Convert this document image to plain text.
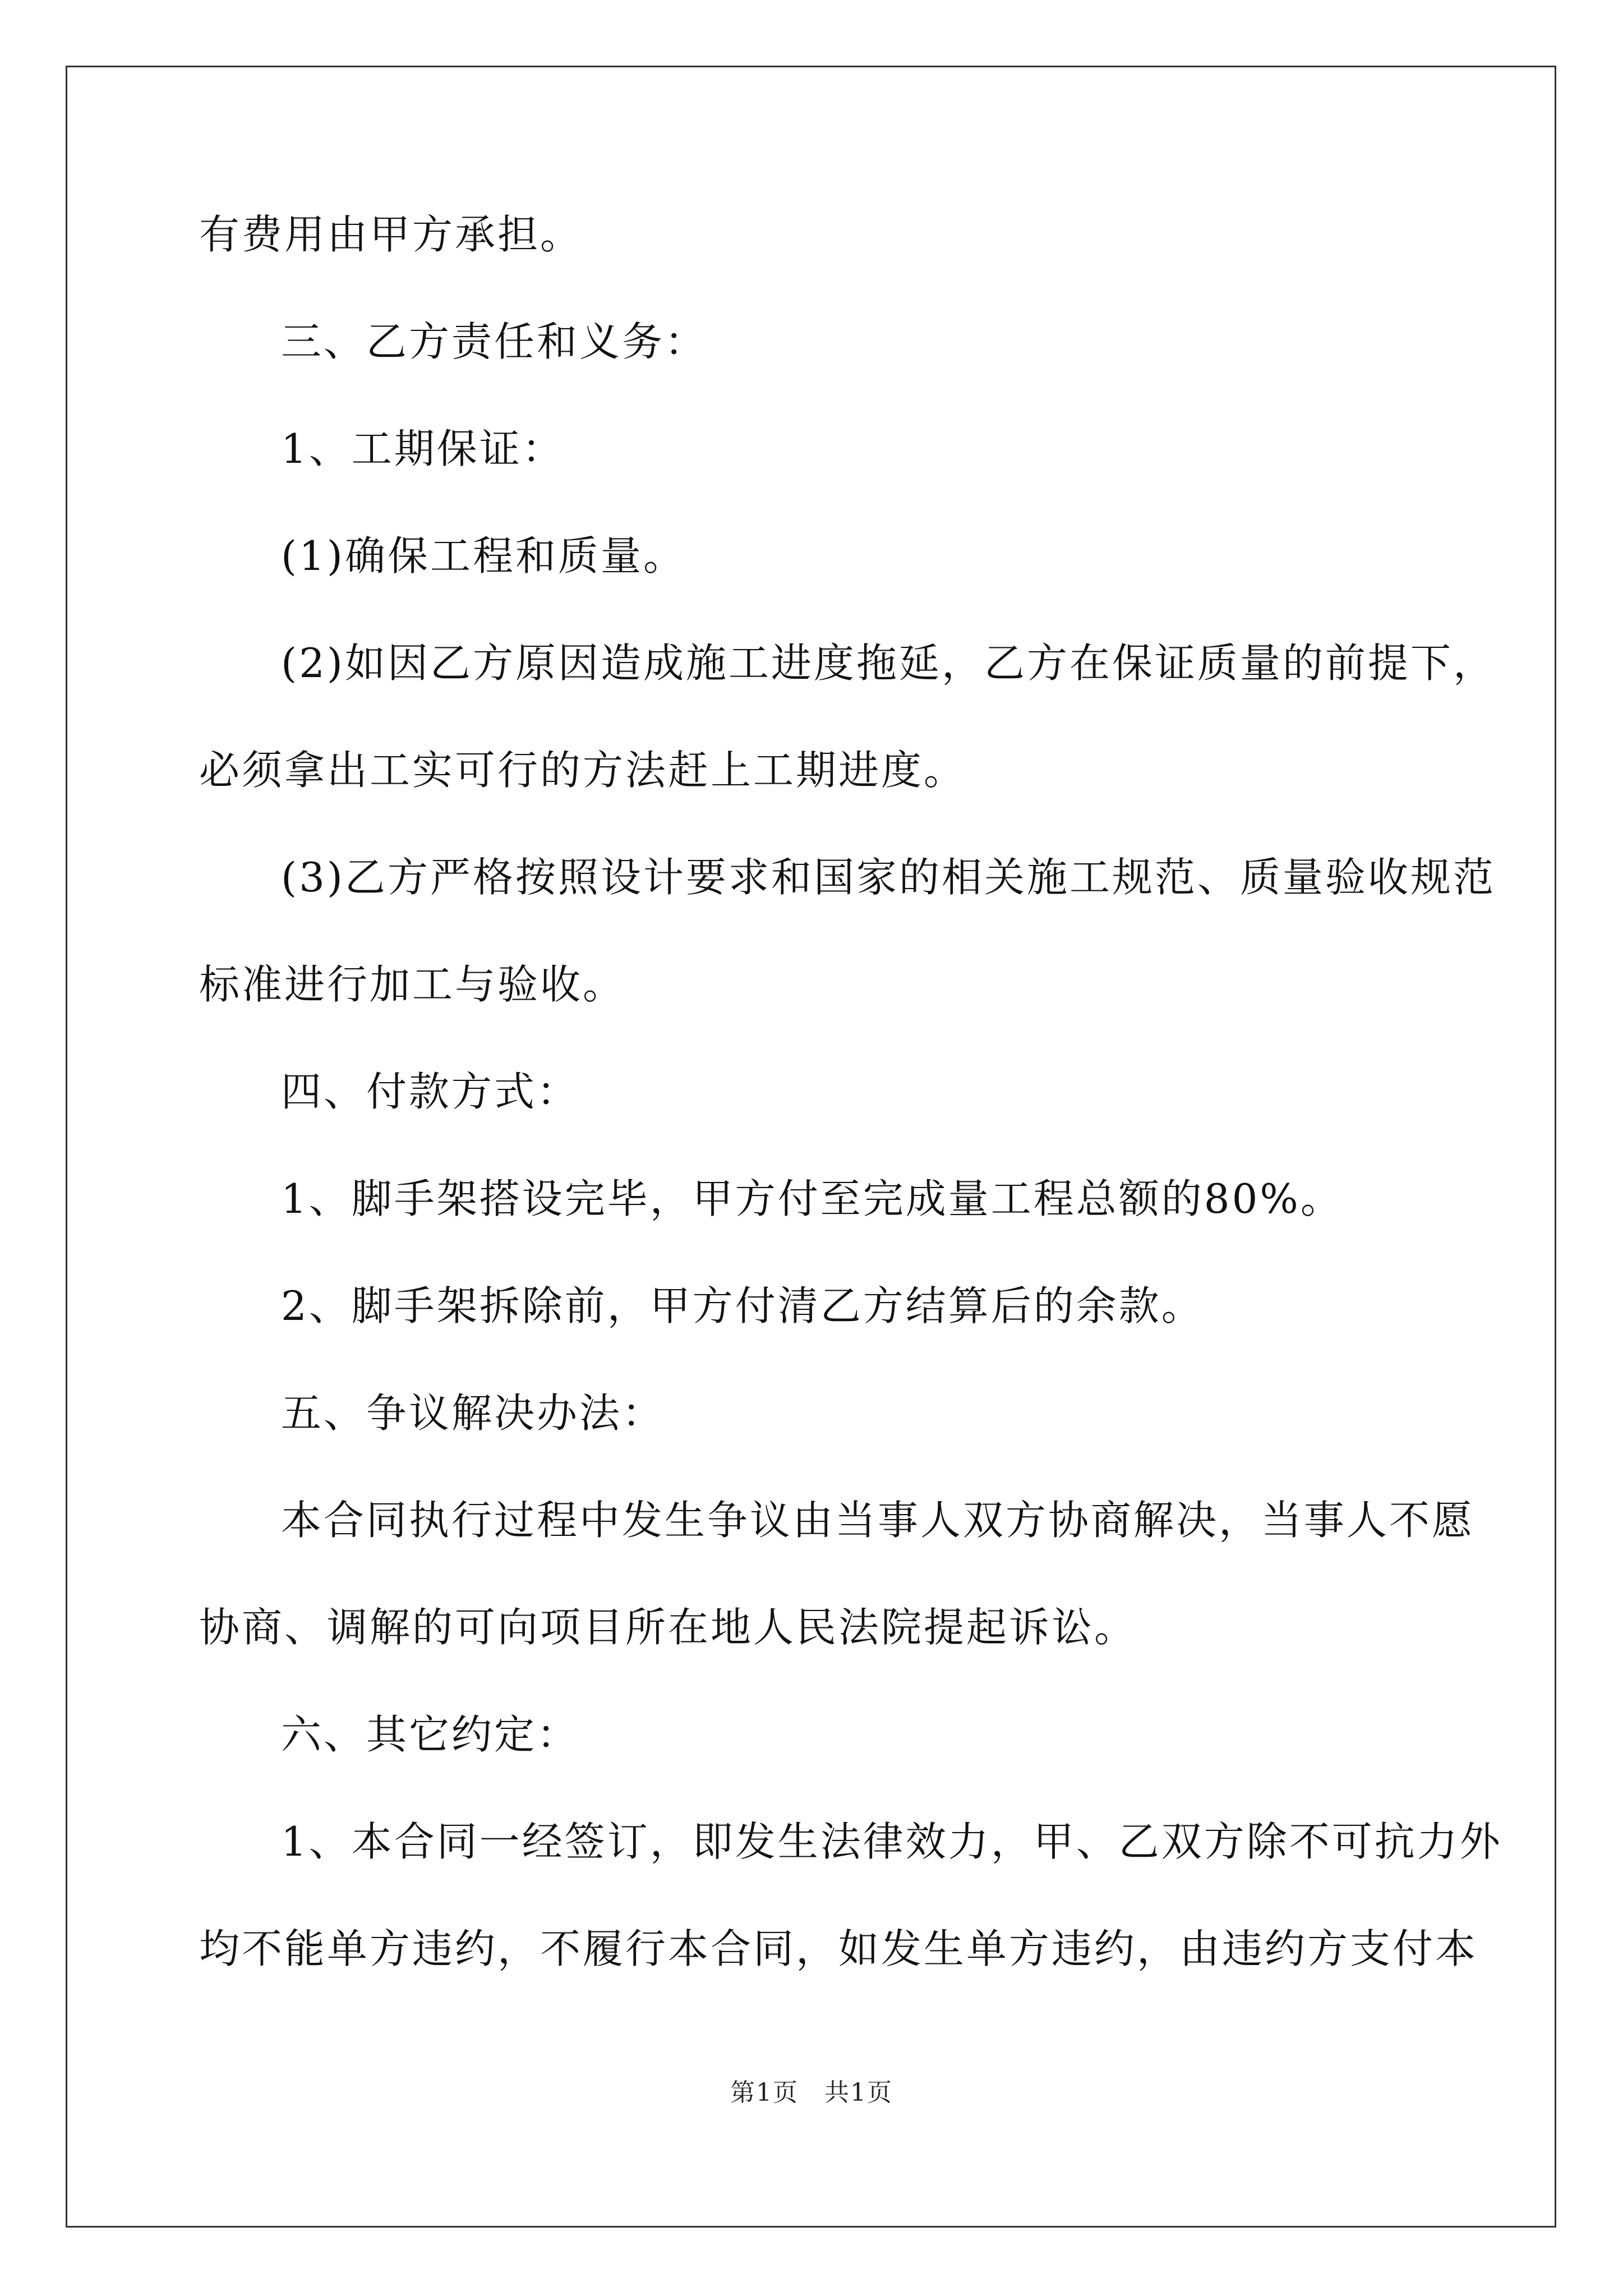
有费用由甲方承担。
三、乙方责任和义务：
1、工期保证：
(1)确保工程和质量。
(2)如因乙方原因造成施工进度拖延，乙方在保证质量的前提下，
必须拿出工实可行的方法赶上工期进度。
(3)乙方严格按照设计要求和国家的相关施工规范、质量验收规范
标准进行加工与验收。
四、付款方式：
1、脚手架搭设完毕，甲方付至完成量工程总额的80%。
2、脚手架拆除前，甲方付清乙方结算后的余款。
五、争议解决办法：
本合同执行过程中发生争议由当事人双方协商解决，当事人不愿
协商、调解的可向项目所在地人民法院提起诉讼。
六、其它约定：
1、本合同一经签订，即发生法律效力，甲、乙双方除不可抗力外
均不能单方违约，不履行本合同，如发生单方违约，由违约方支付本
第1页　共1页
